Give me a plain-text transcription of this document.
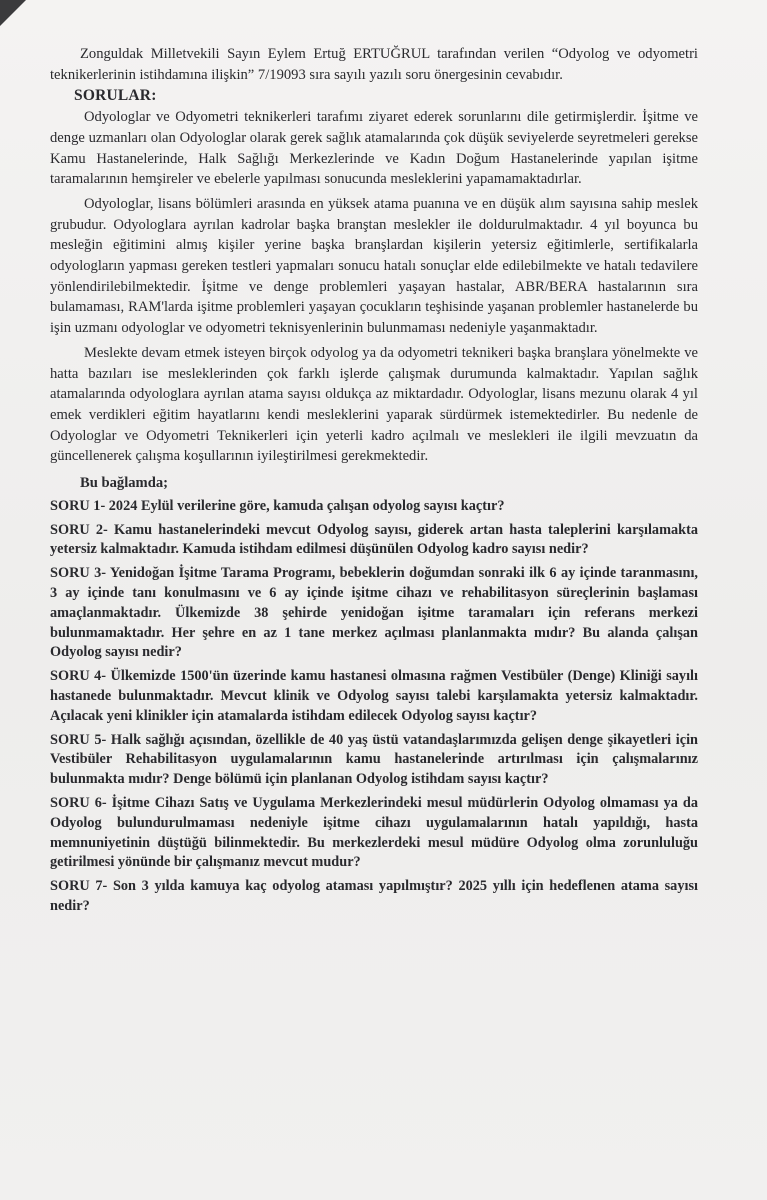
Zonguldak Milletvekili Sayın Eylem Ertuğ ERTUĞRUL tarafından verilen “Odyolog ve odyometri teknikerlerinin istihdamına ilişkin” 7/19093 sıra sayılı yazılı soru önergesinin cevabıdır.

SORULAR:

Odyologlar ve Odyometri teknikerleri tarafımı ziyaret ederek sorunlarını dile getirmişlerdir. İşitme ve denge uzmanları olan Odyologlar olarak gerek sağlık atamalarında çok düşük seviyelerde seyretmeleri gerekse Kamu Hastanelerinde, Halk Sağlığı Merkezlerinde ve Kadın Doğum Hastanelerinde yapılan işitme taramalarının hemşireler ve ebelerle yapılması sonucunda mesleklerini yapamamaktadırlar.

Odyologlar, lisans bölümleri arasında en yüksek atama puanına ve en düşük alım sayısına sahip meslek grubudur. Odyologlara ayrılan kadrolar başka branştan meslekler ile doldurulmaktadır. 4 yıl boyunca bu mesleğin eğitimini almış kişiler yerine başka branşlardan kişilerin yetersiz eğitimlerle, sertifikalarla odyologların yapması gereken testleri yapmaları sonucu hatalı sonuçlar elde edilebilmekte ve hatalı tedavilere yönlendirilebilmektedir. İşitme ve denge problemleri yaşayan hastalar, ABR/BERA hastalarının sıra bulamaması, RAM'larda işitme problemleri yaşayan çocukların teşhisinde yaşanan problemler hastanelerde bu işin uzmanı odyologlar ve odyometri teknisyenlerinin bulunmaması nedeniyle yaşanmaktadır.

Meslekte devam etmek isteyen birçok odyolog ya da odyometri teknikeri başka branşlara yönelmekte ve hatta bazıları ise mesleklerinden çok farklı işlerde çalışmak durumunda kalmaktadır. Yapılan sağlık atamalarında odyologlara ayrılan atama sayısı oldukça az miktardadır. Odyologlar, lisans mezunu olarak 4 yıl emek verdikleri eğitim hayatlarını kendi mesleklerini yaparak sürdürmek istemektedirler. Bu nedenle de Odyologlar ve Odyometri Teknikerleri için yeterli kadro açılmalı ve meslekleri ile ilgili mevzuatın da güncellenerek çalışma koşullarının iyileştirilmesi gerekmektedir.

Bu bağlamda;

SORU 1- 2024 Eylül verilerine göre, kamuda çalışan odyolog sayısı kaçtır?

SORU 2- Kamu hastanelerindeki mevcut Odyolog sayısı, giderek artan hasta taleplerini karşılamakta yetersiz kalmaktadır. Kamuda istihdam edilmesi düşünülen Odyolog kadro sayısı nedir?

SORU 3- Yenidoğan İşitme Tarama Programı, bebeklerin doğumdan sonraki ilk 6 ay içinde taranmasını, 3 ay içinde tanı konulmasını ve 6 ay içinde işitme cihazı ve rehabilitasyon süreçlerinin başlaması amaçlanmaktadır. Ülkemizde 38 şehirde yenidoğan işitme taramaları için referans merkezi bulunmamaktadır. Her şehre en az 1 tane merkez açılması planlanmakta mıdır? Bu alanda çalışan Odyolog sayısı nedir?

SORU 4- Ülkemizde 1500'ün üzerinde kamu hastanesi olmasına rağmen Vestibüler (Denge) Kliniği sayılı hastanede bulunmaktadır. Mevcut klinik ve Odyolog sayısı talebi karşılamakta yetersiz kalmaktadır. Açılacak yeni klinikler için atamalarda istihdam edilecek Odyolog sayısı kaçtır?

SORU 5- Halk sağlığı açısından, özellikle de 40 yaş üstü vatandaşlarımızda gelişen denge şikayetleri için Vestibüler Rehabilitasyon uygulamalarının kamu hastanelerinde artırılması için çalışmalarınız bulunmakta mıdır? Denge bölümü için planlanan Odyolog istihdam sayısı kaçtır?

SORU 6- İşitme Cihazı Satış ve Uygulama Merkezlerindeki mesul müdürlerin Odyolog olmaması ya da Odyolog bulundurulmaması nedeniyle işitme cihazı uygulamalarının hatalı yapıldığı, hasta memnuniyetinin düştüğü bilinmektedir. Bu merkezlerdeki mesul müdüre Odyolog olma zorunluluğu getirilmesi yönünde bir çalışmanız mevcut mudur?

SORU 7- Son 3 yılda kamuya kaç odyolog ataması yapılmıştır? 2025 yıllı için hedeflenen atama sayısı nedir?
